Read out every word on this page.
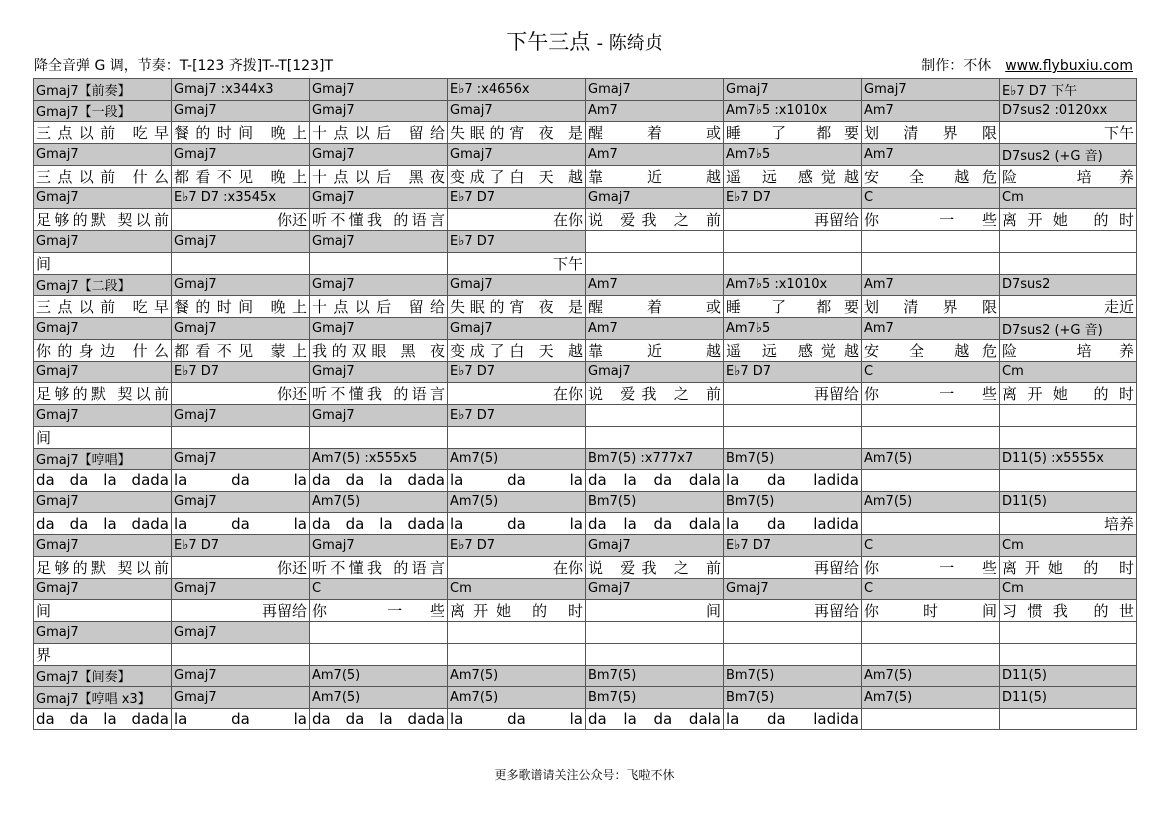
下午三点 - 陈绮贞
降全音弹 G 调，节奏：T-[123 齐拨]T--T[123]T	制作：不休 www.flybuxiu.com
Gmaj7【前奏】	Gmaj7 :x344x3	Gmaj7	E♭7 :x4656x	Gmaj7	Gmaj7	Gmaj7	E♭7 D7 下午
Gmaj7【一段】	Gmaj7	Gmaj7	Gmaj7	Am7	Am7♭5 :x1010x	Am7	D7sus2 :0120xx
三点以前 吃早	餐的时间 晚上	十点以后 留给	失眠的宵 夜 是	醒 着 或	睡 了 都要	划 清 界 限	下午
Gmaj7	Gmaj7	Gmaj7	Gmaj7	Am7	Am7♭5	Am7	D7sus2 (+G 音)
三点以前 什么	都看不见 晚上	十点以后 黑夜	变成了白 天 越	靠 近 越	遥 远 感觉越	安 全 越危	险 培养
Gmaj7	E♭7 D7 :x3545x	Gmaj7	E♭7 D7	Gmaj7	E♭7 D7	C	Cm
足够的默 契以前	你还	听不懂我 的语言	在你	说 爱我 之 前	再留给	你 一些	离开她 的时
Gmaj7	Gmaj7	Gmaj7	E♭7 D7				
间			下午				
Gmaj7【二段】	Gmaj7	Gmaj7	Gmaj7	Am7	Am7♭5 :x1010x	Am7	D7sus2
三点以前 吃早	餐的时间 晚上	十点以后 留给	失眠的宵 夜 是	醒 着 或	睡 了 都要	划 清 界 限	走近
Gmaj7	Gmaj7	Gmaj7	Gmaj7	Am7	Am7♭5	Am7	D7sus2 (+G 音)
你的身边 什么	都看不见 蒙上	我的双眼 黑 夜	变成了白 天 越	靠 近 越	遥 远 感觉越	安 全 越危	险 培养
Gmaj7	E♭7 D7	Gmaj7	E♭7 D7	Gmaj7	E♭7 D7	C	Cm
足够的默 契以前	你还	听不懂我 的语言	在你	说 爱我 之 前	再留给	你 一些	离开她 的时
Gmaj7	Gmaj7	Gmaj7	E♭7 D7				
间							
Gmaj7【哼唱】	Gmaj7	Am7(5) :x555x5	Am7(5)	Bm7(5) :x777x7	Bm7(5)	Am7(5)	D11(5) :x5555x
da da la dada	la da la	da da la dada	la da la	da la da dala	la da ladida		
Gmaj7	Gmaj7	Am7(5)	Am7(5)	Bm7(5)	Bm7(5)	Am7(5)	D11(5)
da da la dada	la da la	da da la dada	la da la	da la da dala	la da ladida		培养
Gmaj7	E♭7 D7	Gmaj7	E♭7 D7	Gmaj7	E♭7 D7	C	Cm
足够的默 契以前	你还	听不懂我 的语言	在你	说 爱我 之 前	再留给	你 一些	离开她 的 时
Gmaj7	Gmaj7	C	Cm	Gmaj7	Gmaj7	C	Cm
间	再留给	你 一些	离开她 的 时	间	再留给	你 时 间	习惯我 的世
Gmaj7	Gmaj7						
界							
Gmaj7【间奏】	Gmaj7	Am7(5)	Am7(5)	Bm7(5)	Bm7(5)	Am7(5)	D11(5)
Gmaj7【哼唱 x3】	Gmaj7	Am7(5)	Am7(5)	Bm7(5)	Bm7(5)	Am7(5)	D11(5)
da da la dada	la da la	da da la dada	la da la	da la da dala	la da ladida		
更多歌谱请关注公众号：飞啦不休
